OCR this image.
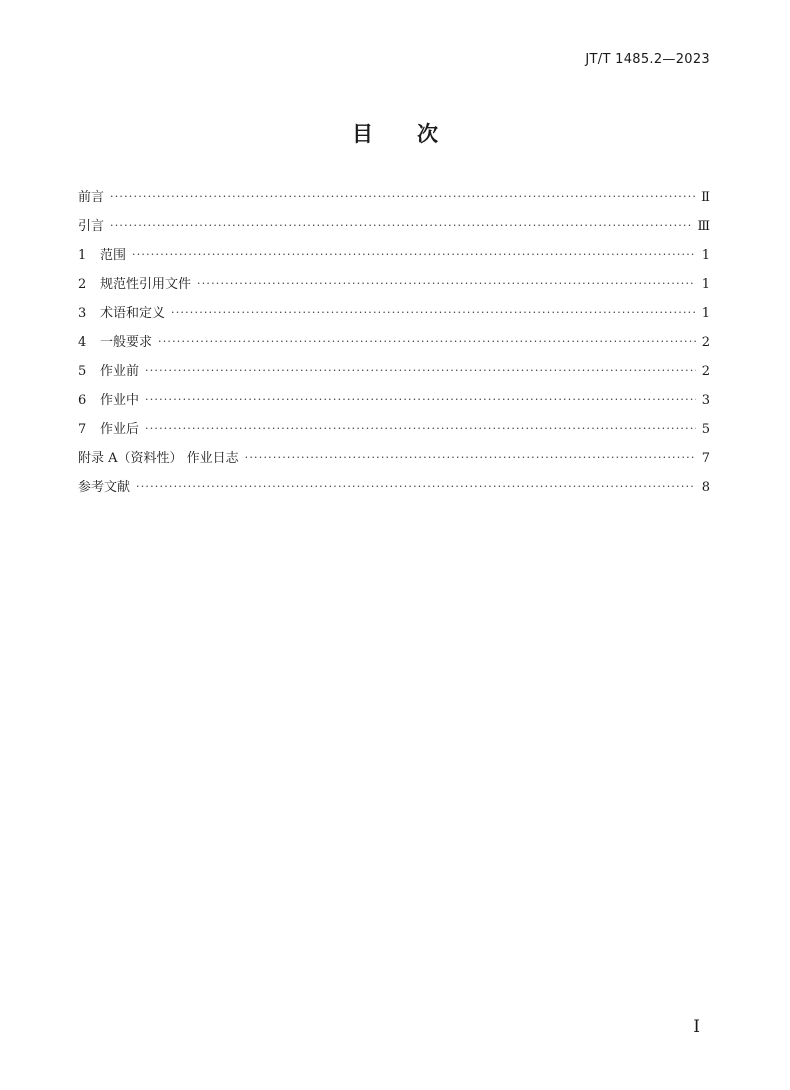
JT/T 1485.2—2023
目次
前言 ·····	Ⅱ
引言 ·····	Ⅲ
1	范围 ·····	1
2	规范性引用文件 ·····	1
3	术语和定义 ·····	1
4	一般要求 ·····	2
5	作业前 ·····	2
6	作业中 ·····	3
7	作业后 ·····	5
附录 A（资料性） 作业日志 ·····	7
参考文献 ·····	8
I
